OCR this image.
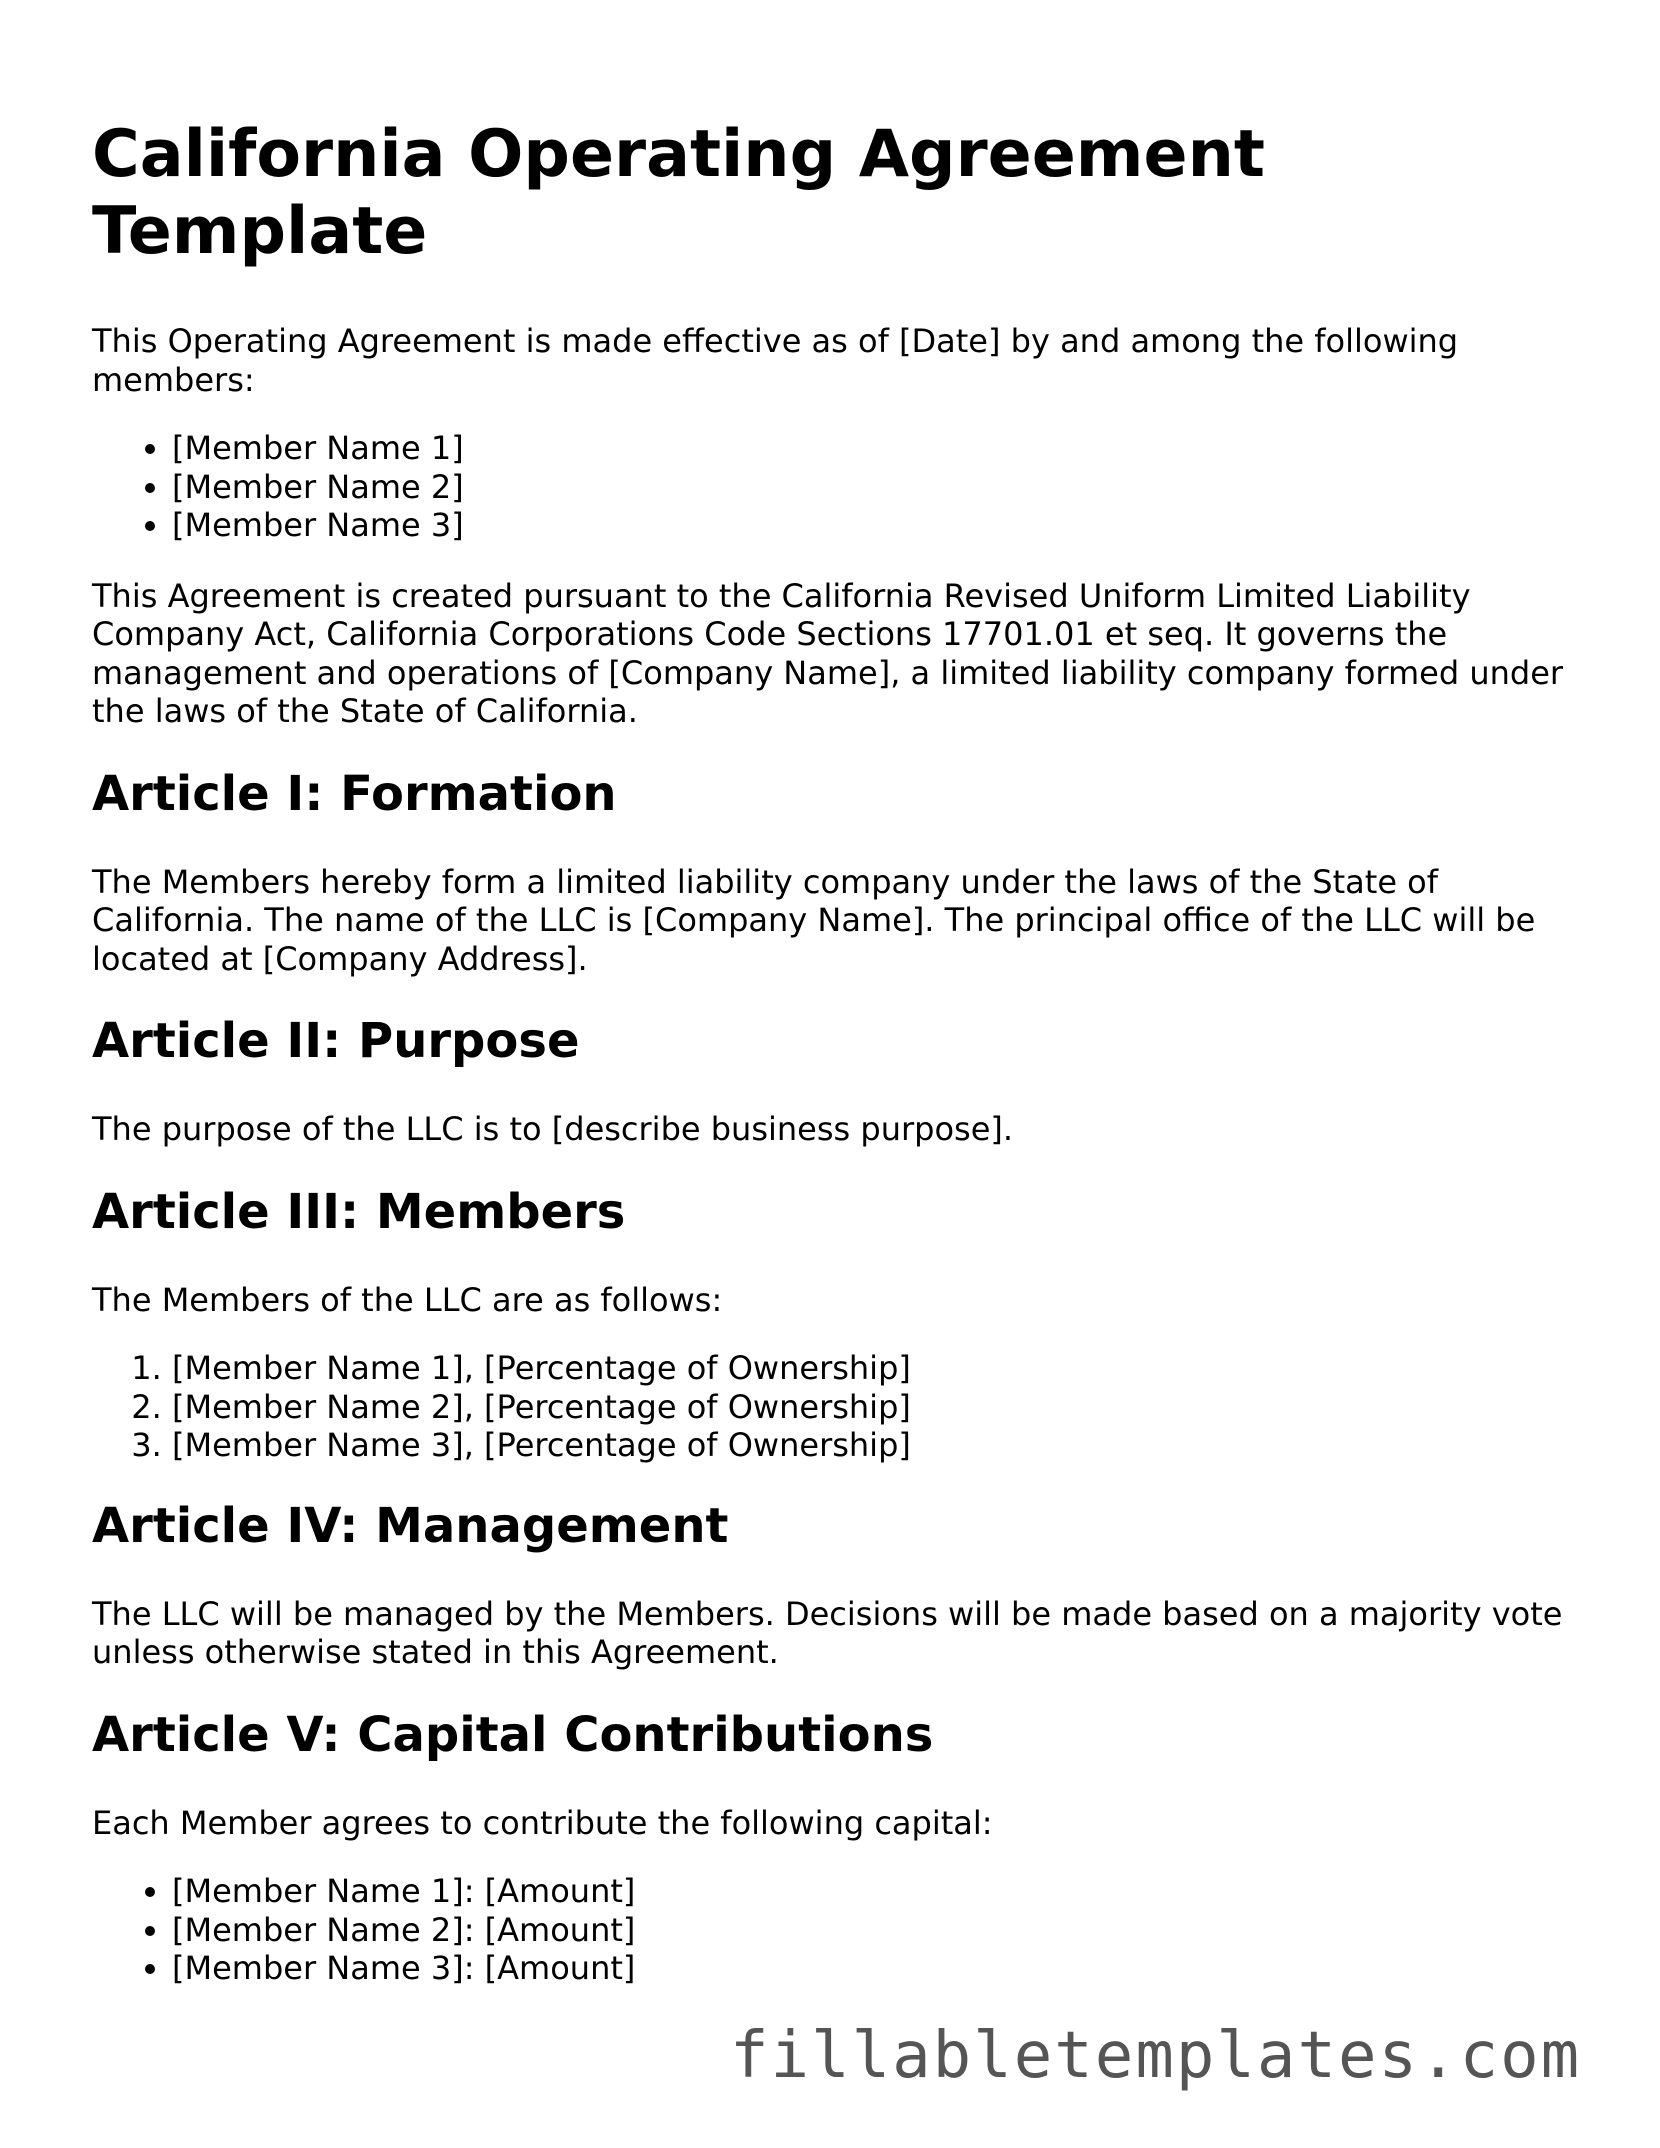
California Operating Agreement Template

This Operating Agreement is made effective as of [Date] by and among the following members:

• [Member Name 1]
• [Member Name 2]
• [Member Name 3]

This Agreement is created pursuant to the California Revised Uniform Limited Liability Company Act, California Corporations Code Sections 17701.01 et seq. It governs the management and operations of [Company Name], a limited liability company formed under the laws of the State of California.

Article I: Formation

The Members hereby form a limited liability company under the laws of the State of California. The name of the LLC is [Company Name]. The principal office of the LLC will be located at [Company Address].

Article II: Purpose

The purpose of the LLC is to [describe business purpose].

Article III: Members

The Members of the LLC are as follows:

1. [Member Name 1], [Percentage of Ownership]
2. [Member Name 2], [Percentage of Ownership]
3. [Member Name 3], [Percentage of Ownership]
Article IV: Management

The LLC will be managed by the Members. Decisions will be made based on a majority vote unless otherwise stated in this Agreement.

Article V: Capital Contributions

Each Member agrees to contribute the following capital:

• [Member Name 1]: [Amount]
• [Member Name 2]: [Amount]
• [Member Name 3]: [Amount]
fillabletemplates.com
